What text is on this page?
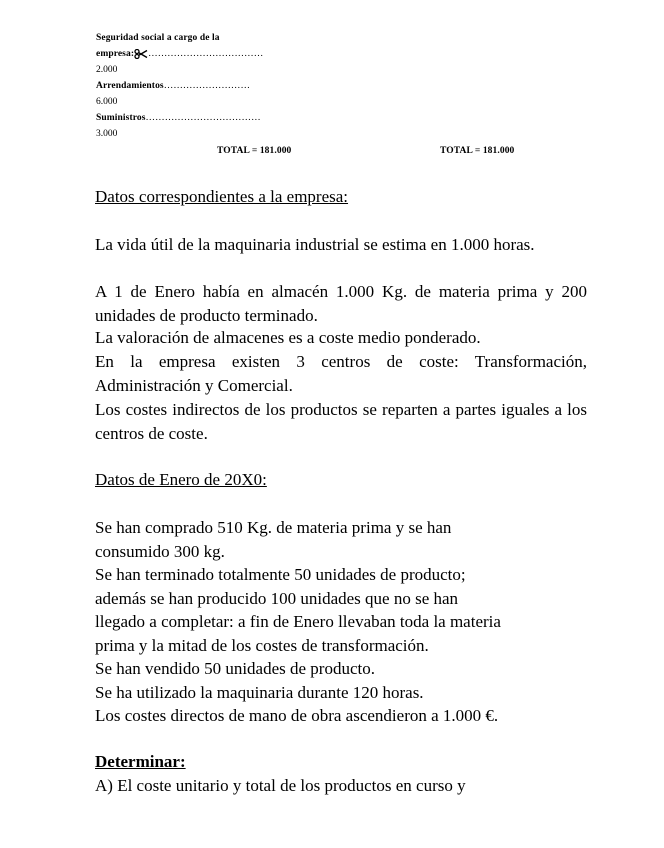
Seguridad social a cargo de la
empresa: ………………………………
2.000
Arrendamientos………………………
6.000
Suministros………………………………
3.000
TOTAL = 181.000	TOTAL = 181.000
Datos correspondientes a la empresa:
La vida útil de la maquinaria industrial se estima en 1.000 horas.
A 1 de Enero había en almacén 1.000 Kg. de materia prima y 200 unidades de producto terminado.
La valoración de almacenes es a coste medio ponderado.
En la empresa existen 3 centros de coste: Transformación, Administración y Comercial.
Los costes indirectos de los productos se reparten a partes iguales a los centros de coste.
Datos de Enero de 20X0:
Se han comprado 510 Kg. de materia prima y se han
consumido 300 kg.
Se han terminado totalmente 50 unidades de producto;
además se han producido 100 unidades que no se han
llegado a completar: a fin de Enero llevaban toda la materia
prima y la mitad de los costes de transformación.
Se han vendido 50 unidades de producto.
Se ha utilizado la maquinaria durante 120 horas.
Los costes directos de mano de obra ascendieron a 1.000 €.
Determinar:
A) El coste unitario y total de los productos en curso y
